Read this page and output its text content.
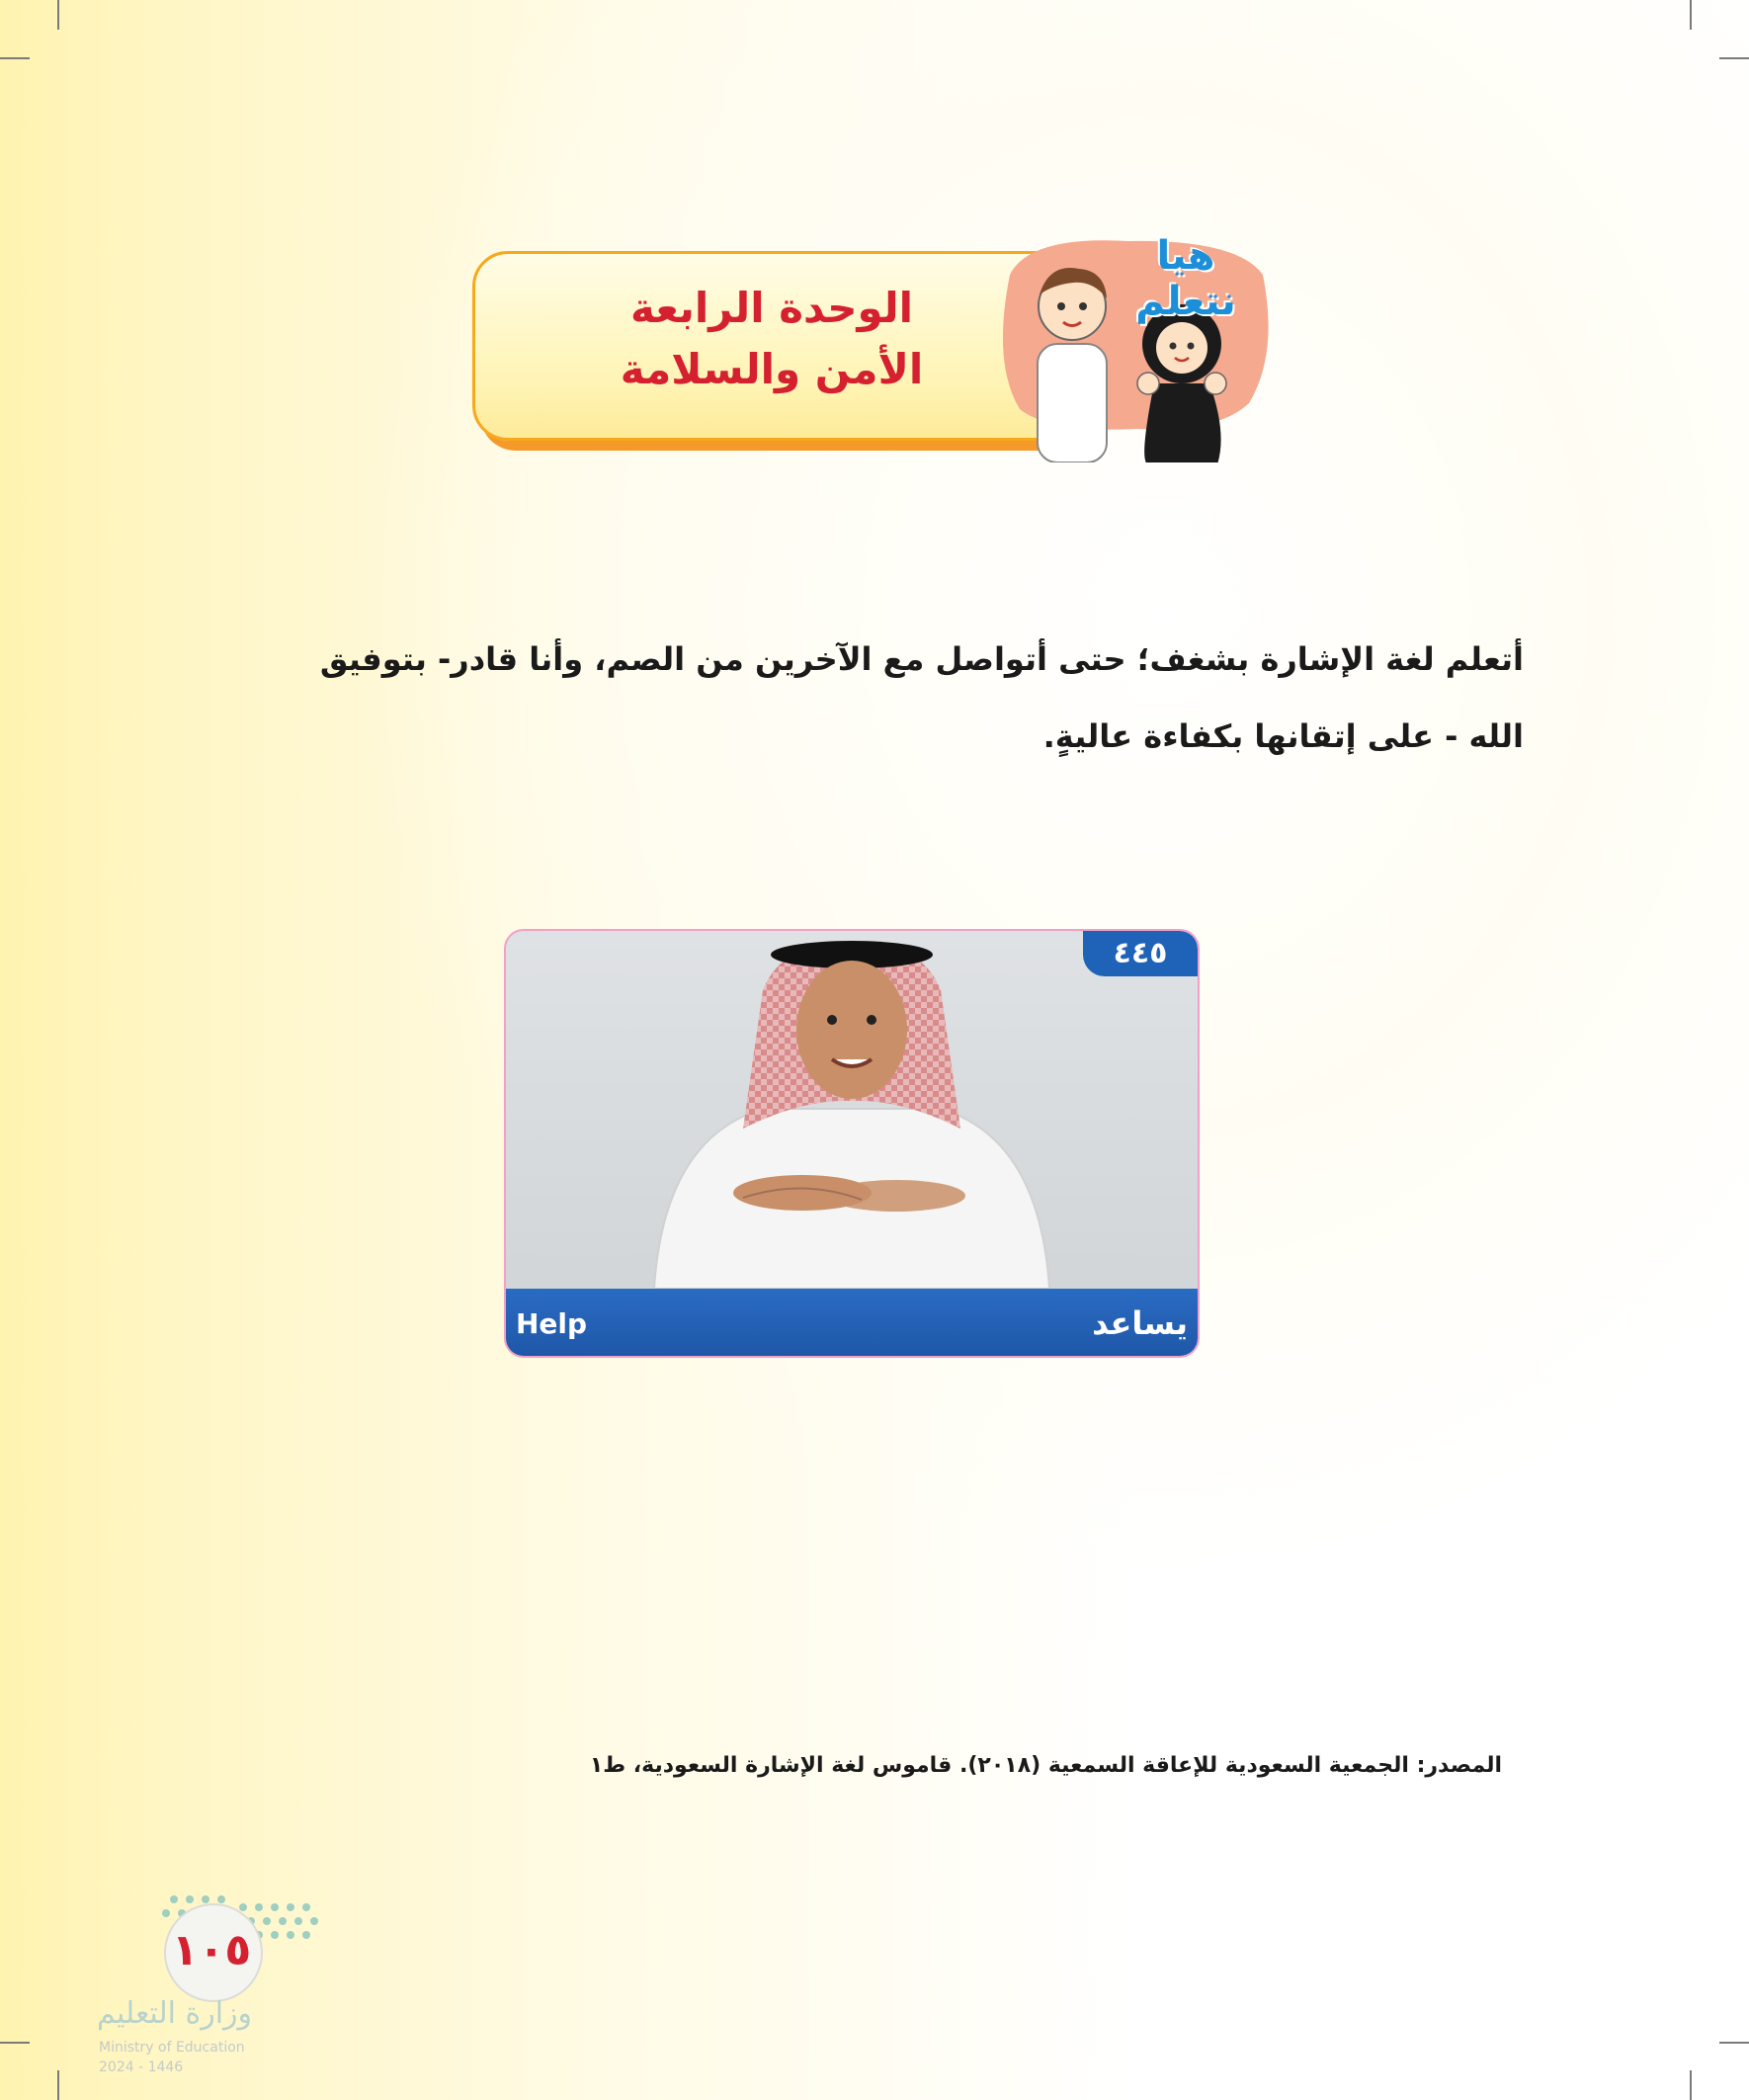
الوحدة الرابعة
الأمن والسلامة
هيا نتعلم
أتعلم لغة الإشارة بشغف؛ حتى أتواصل مع الآخرين من الصم، وأنا قادر- بتوفيق الله - على إتقانها بكفاءة عاليةٍ.
٤٤٥
Help	يساعد
المصدر: الجمعية السعودية للإعاقة السمعية (٢٠١٨). قاموس لغة الإشارة السعودية، ط١
١٠٥
وزارة التعليم
Ministry of Education
2024 - 1446
